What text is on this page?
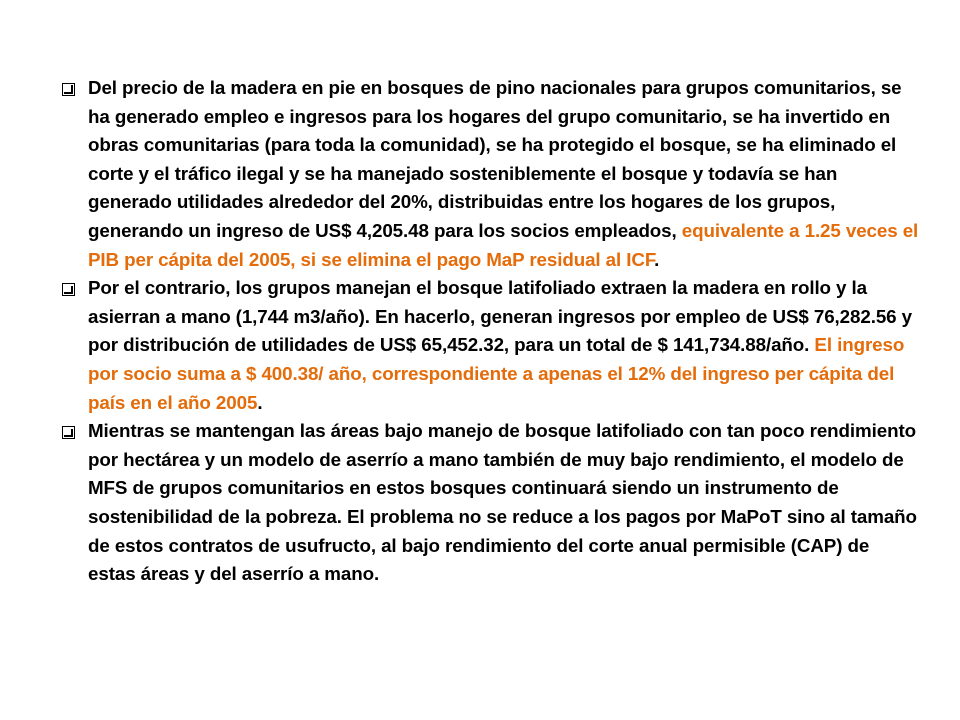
Del precio de la madera en pie en bosques de pino nacionales para grupos comunitarios, se ha generado empleo e ingresos para los hogares del grupo comunitario, se ha invertido en obras comunitarias (para toda la comunidad), se ha protegido el bosque, se ha eliminado el corte y el tráfico ilegal y se ha manejado sosteniblemente el bosque y todavía se han generado utilidades alrededor del 20%, distribuidas entre los hogares de los grupos, generando un ingreso de US$ 4,205.48 para los socios empleados, equivalente a 1.25 veces el PIB per cápita del 2005, si se elimina el pago MaP residual al ICF.
Por el contrario, los grupos manejan el bosque latifoliado extraen la madera en rollo y la asierran a mano (1,744 m3/año). En hacerlo, generan ingresos por empleo de US$ 76,282.56 y por distribución de utilidades de US$ 65,452.32, para un total de $ 141,734.88/año. El ingreso por socio suma a $ 400.38/ año, correspondiente a apenas el 12% del ingreso per cápita del país en el año 2005.
Mientras se mantengan las áreas bajo manejo de bosque latifoliado con tan poco rendimiento por hectárea y un modelo de aserrío a mano también de muy bajo rendimiento, el modelo de MFS de grupos comunitarios en estos bosques continuará siendo un instrumento de sostenibilidad de la pobreza. El problema no se reduce a los pagos por MaPoT sino al tamaño de estos contratos de usufructo, al bajo rendimiento del corte anual permisible (CAP) de estas áreas y del aserrío a mano.
